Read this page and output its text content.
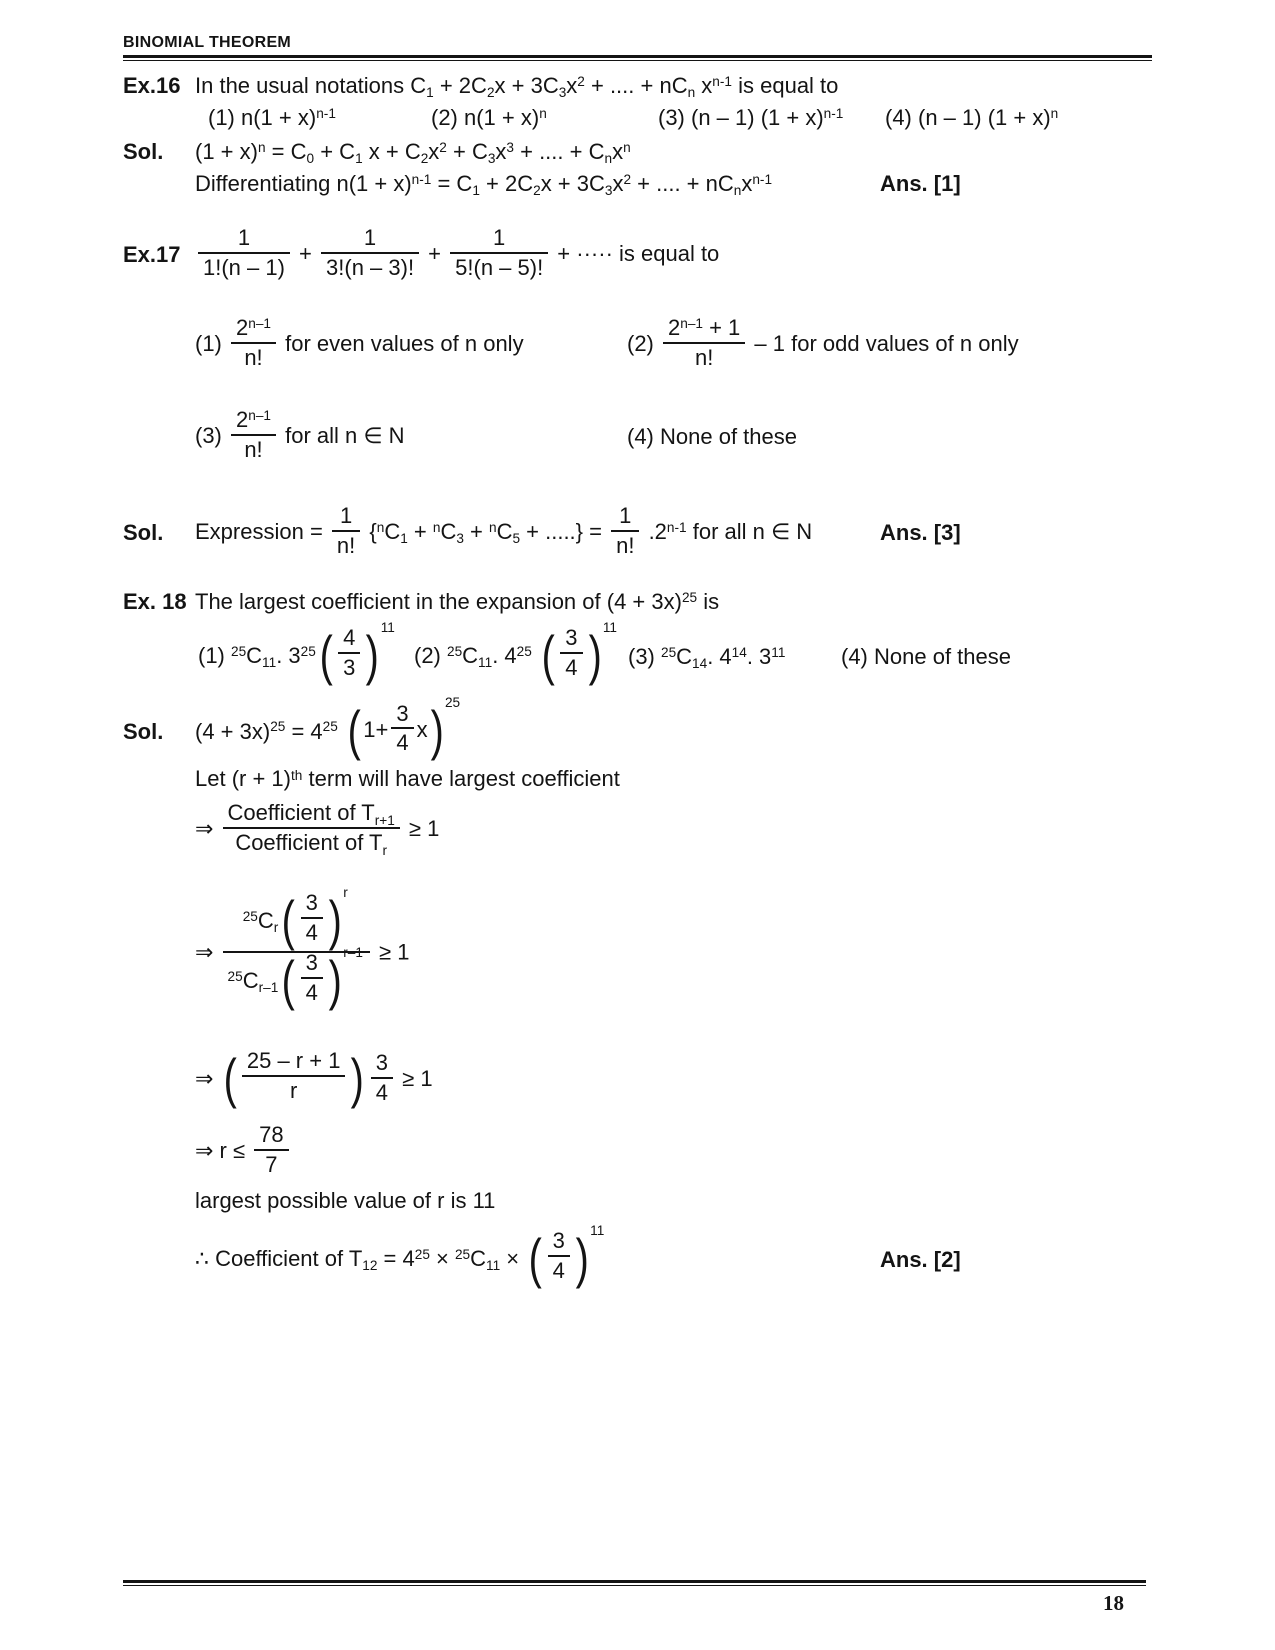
BINOMIAL THEOREM
Ex.16 In the usual notations $C_1 + 2C_2x + 3C_3x^2$ + .... + $nC_n$ $x^{n-1}$ is equal to
(1) $n(1 + x)^{n-1}$	(2) $n(1 + x)^n$	(3) (n – 1) $(1 + x)^{n-1}$	(4) (n – 1) $(1 + x)^n$
Sol.	$(1 + x)^n = C_0 + C_1$ $x + C_2x^2 + C_3x^3$ + .... + $C_nx^n$
Differentiating $n(1 + x)^{n-1} = C_1 + 2C_2x + 3C_3x^2$ + .... + $nC_nx^{n-1}$	Ans. [1]
$Ex.17 \frac{1}{1!(n - 1)} + \frac{1}{3!(n - 3)!} + \frac{1}{5!(n - 5)!}$ + ····· is equal to
$(1) \frac{2^{n-1}}{n!}$ for even values of n only	$(2) \frac{2^{n-1} + 1}{n!} - 1$ for odd values of n only
$(3) \frac{2^{n-1}}{n!}$ for all n ∈ N	(4) None of these
Sol.	Expression = $\frac{1}{n!} \{^nC_1 + ^nC_3 + ^nC_5$ + .....} = $\frac{1}{n!} .2^{n-1}$ for all n ∈ N	Ans. [3]
Ex. 18 The largest coefficient in the expansion of $(4 + 3x)^{25}$ is
(1) $^{25}C_{11}$. $3^{25}$ ( $\frac{4}{3}$ ) 11
(2) $^{25}C_{11}$. $4^{25}$ ( $\frac{3}{4}$ ) 11
(3) $^{25}C_{14}$. $4^{14}$. $3^{11}$	(4) None of these
Sol.	$(4 + 3x)^{25} = 4^{25}$ ( $1+ \frac{3}{4}$ x ) 25
Let $(r + 1)^{th}$ term will have largest coefficient
⇒ $\frac{Coefficient of T_{r+1}}{Coefficient of T_r} \ge 1$
⇒ $\frac{^{25}C_r ( \frac{3}{4} ) r}{^{25}C_{r-1} ( \frac{3}{4} ) r-1} \ge 1$
⇒ ( $\frac{25 - r + 1}{r}$ ) $\frac{3}{4} \ge 1$
⇒ $r \le \frac{78}{7}$
largest possible value of r is 11
∴ Coefficient of $T_{12} = 4^{25} \times ^{25}C_{11}$ × ( $\frac{3}{4}$ ) 11
Ans. [2]
18
